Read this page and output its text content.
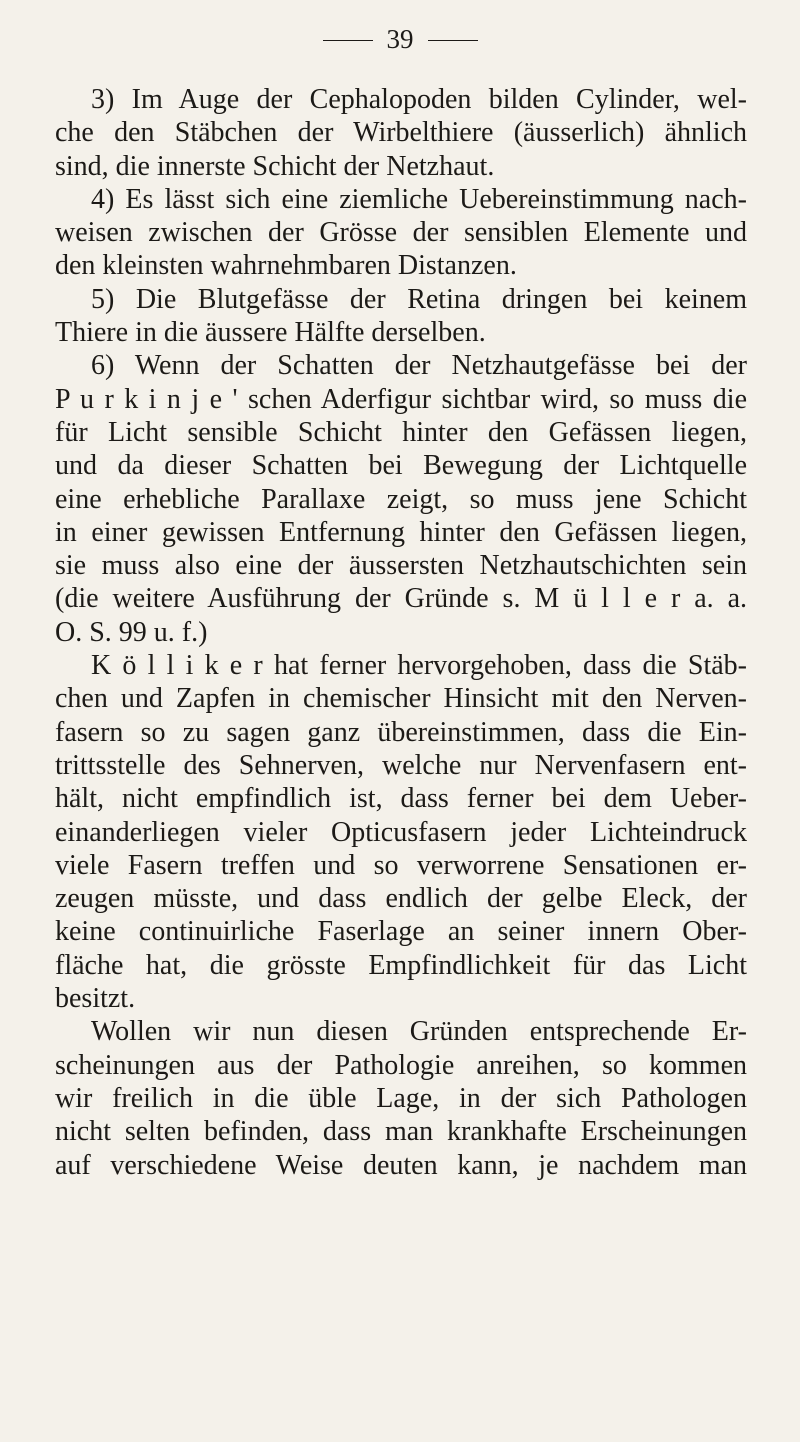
39
3) Im Auge der Cephalopoden bilden Cylinder, wel-
che den Stäbchen der Wirbelthiere (äusserlich) ähnlich
sind, die innerste Schicht der Netzhaut.
4) Es lässt sich eine ziemliche Uebereinstimmung nach-
weisen zwischen der Grösse der sensiblen Elemente und
den kleinsten wahrnehmbaren Distanzen.
5) Die Blutgefässe der Retina dringen bei keinem
Thiere in die äussere Hälfte derselben.
6) Wenn der Schatten der Netzhautgefässe bei der
P u r k i n j e ' schen Aderfigur sichtbar wird, so muss die
für Licht sensible Schicht hinter den Gefässen liegen,
und da dieser Schatten bei Bewegung der Lichtquelle
eine erhebliche Parallaxe zeigt, so muss jene Schicht
in einer gewissen Entfernung hinter den Gefässen liegen,
sie muss also eine der äussersten Netzhautschichten sein
(die weitere Ausführung der Gründe s. M ü l l e r a. a.
O. S. 99 u. f.)
K ö l l i k e r hat ferner hervorgehoben, dass die Stäb-
chen und Zapfen in chemischer Hinsicht mit den Nerven-
fasern so zu sagen ganz übereinstimmen, dass die Ein-
trittsstelle des Sehnerven, welche nur Nervenfasern ent-
hält, nicht empfindlich ist, dass ferner bei dem Ueber-
einanderliegen vieler Opticusfasern jeder Lichteindruck
viele Fasern treffen und so verworrene Sensationen er-
zeugen müsste, und dass endlich der gelbe Eleck, der
keine continuirliche Faserlage an seiner innern Ober-
fläche hat, die grösste Empfindlichkeit für das Licht
besitzt.
Wollen wir nun diesen Gründen entsprechende Er-
scheinungen aus der Pathologie anreihen, so kommen
wir freilich in die üble Lage, in der sich Pathologen
nicht selten befinden, dass man krankhafte Erscheinungen
auf verschiedene Weise deuten kann, je nachdem man
